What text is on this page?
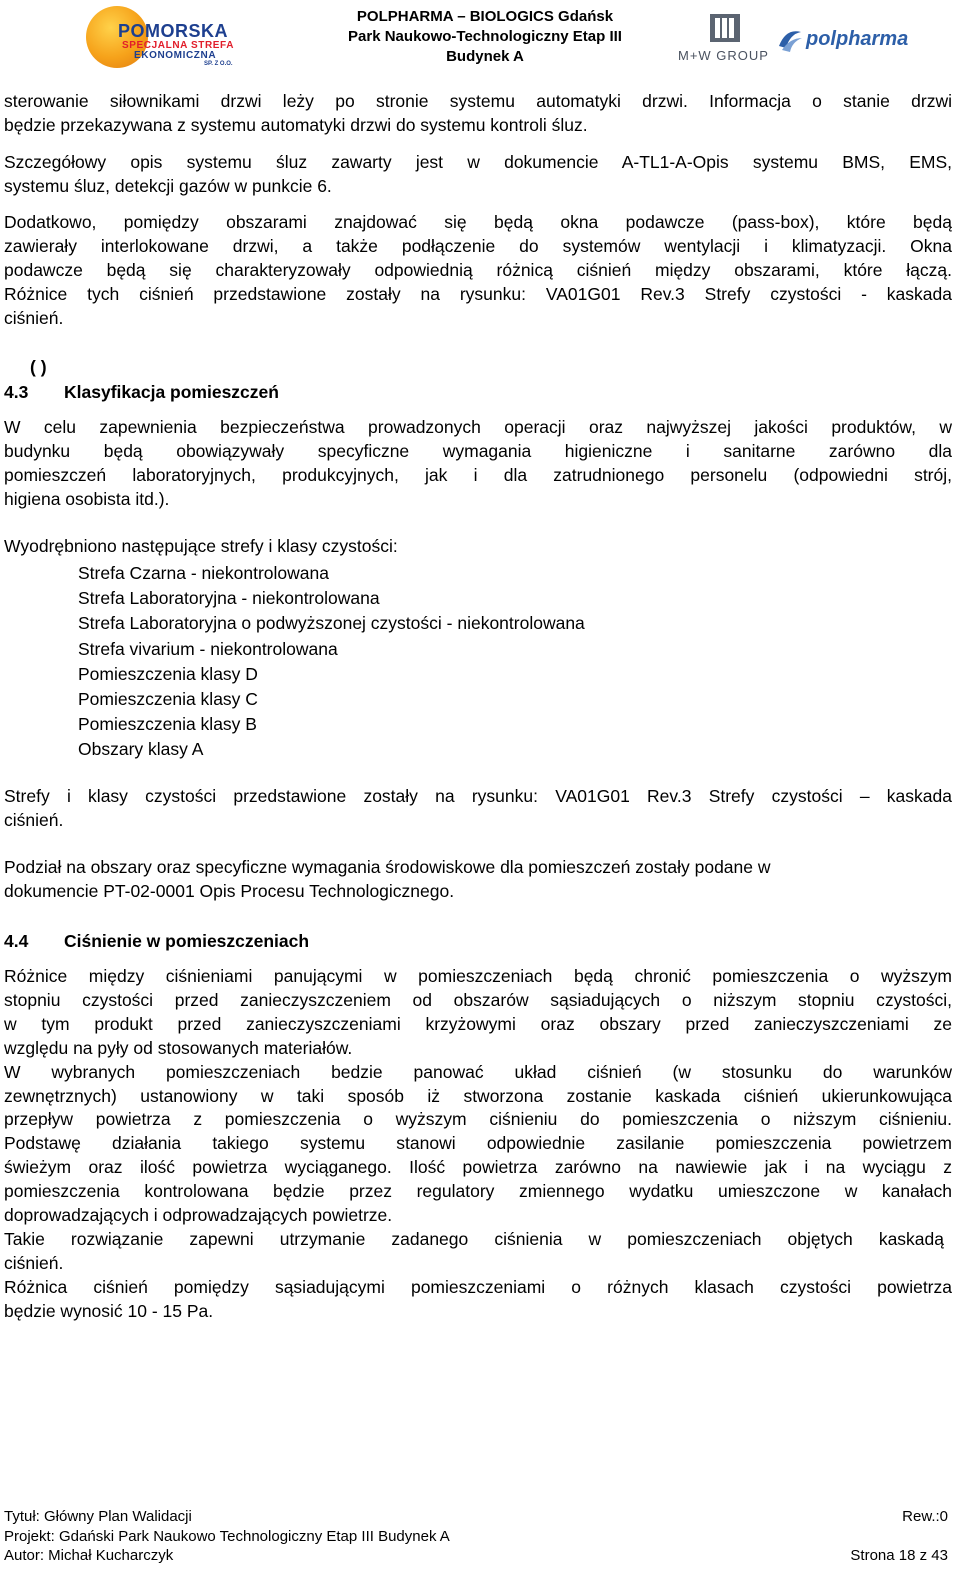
POMORSKA
SPECJALNA STREFA
EKONOMICZNA
SP. Z O.O.
POLPHARMA – BIOLOGICS Gdańsk
Park Naukowo-Technologiczny Etap III
Budynek A	M+W GROUP
polpharma
sterowanie siłownikami drzwi leży po stronie systemu automatyki drzwi. Informacja o stanie drzwi
będzie przekazywana z systemu automatyki drzwi do systemu kontroli śluz.
Szczegółowy opis systemu śluz zawarty jest w dokumencie A-TL1-A-Opis systemu BMS, EMS,
systemu śluz, detekcji gazów w punkcie 6.
Dodatkowo, pomiędzy obszarami znajdować się będą okna podawcze (pass-box), które będą
zawierały interlokowane drzwi, a także podłączenie do systemów wentylacji i klimatyzacji. Okna
podawcze będą się charakteryzowały odpowiednią różnicą ciśnień między obszarami, które łączą.
Różnice tych ciśnień przedstawione zostały na rysunku: VA01G01 Rev.3 Strefy czystości - kaskada
ciśnień.
( )
4.3 Klasyfikacja pomieszczeń
W celu zapewnienia bezpieczeństwa prowadzonych operacji oraz najwyższej jakości produktów, w
budynku będą obowiązywały specyficzne wymagania higieniczne i sanitarne zarówno dla
pomieszczeń laboratoryjnych, produkcyjnych, jak i dla zatrudnionego personelu (odpowiedni strój,
higiena osobista itd.).
Wyodrębniono następujące strefy i klasy czystości:
Strefa Czarna - niekontrolowana
Strefa Laboratoryjna - niekontrolowana
Strefa Laboratoryjna o podwyższonej czystości - niekontrolowana
Strefa vivarium - niekontrolowana
Pomieszczenia klasy D
Pomieszczenia klasy C
Pomieszczenia klasy B
Obszary klasy A
Strefy i klasy czystości przedstawione zostały na rysunku: VA01G01 Rev.3 Strefy czystości – kaskada
ciśnień.
Podział na obszary oraz specyficzne wymagania środowiskowe dla pomieszczeń zostały podane w
dokumencie PT-02-0001 Opis Procesu Technologicznego.
4.4 Ciśnienie w pomieszczeniach
Różnice między ciśnieniami panującymi w pomieszczeniach będą chronić pomieszczenia o wyższym
stopniu czystości przed zanieczyszczeniem od obszarów sąsiadujących o niższym stopniu czystości,
w tym produkt przed zanieczyszczeniami krzyżowymi oraz obszary przed zanieczyszczeniami ze
względu na pyły od stosowanych materiałów.
W wybranych pomieszczeniach bedzie panować układ ciśnień (w stosunku do warunków
zewnętrznych) ustanowiony w taki sposób iż stworzona zostanie kaskada ciśnień ukierunkowująca
przepływ powietrza z pomieszczenia o wyższym ciśnieniu do pomieszczenia o niższym ciśnieniu.
Podstawę działania takiego systemu stanowi odpowiednie zasilanie pomieszczenia powietrzem
świeżym oraz ilość powietrza wyciąganego. Ilość powietrza zarówno na nawiewie jak i na wyciągu z
pomieszczenia kontrolowana będzie przez regulatory zmiennego wydatku umieszczone w kanałach
doprowadzających i odprowadzających powietrze.
Takie rozwiązanie zapewni utrzymanie zadanego ciśnienia w pomieszczeniach objętych kaskadą
ciśnień.
Różnica ciśnień pomiędzy sąsiadującymi pomieszczeniami o różnych klasach czystości powietrza
będzie wynosić 10 - 15 Pa.
Tytuł: Główny Plan Walidacji	Rew.:0
Projekt: Gdański Park Naukowo Technologiczny Etap III Budynek A
Autor: Michał Kucharczyk	Strona 18 z 43
